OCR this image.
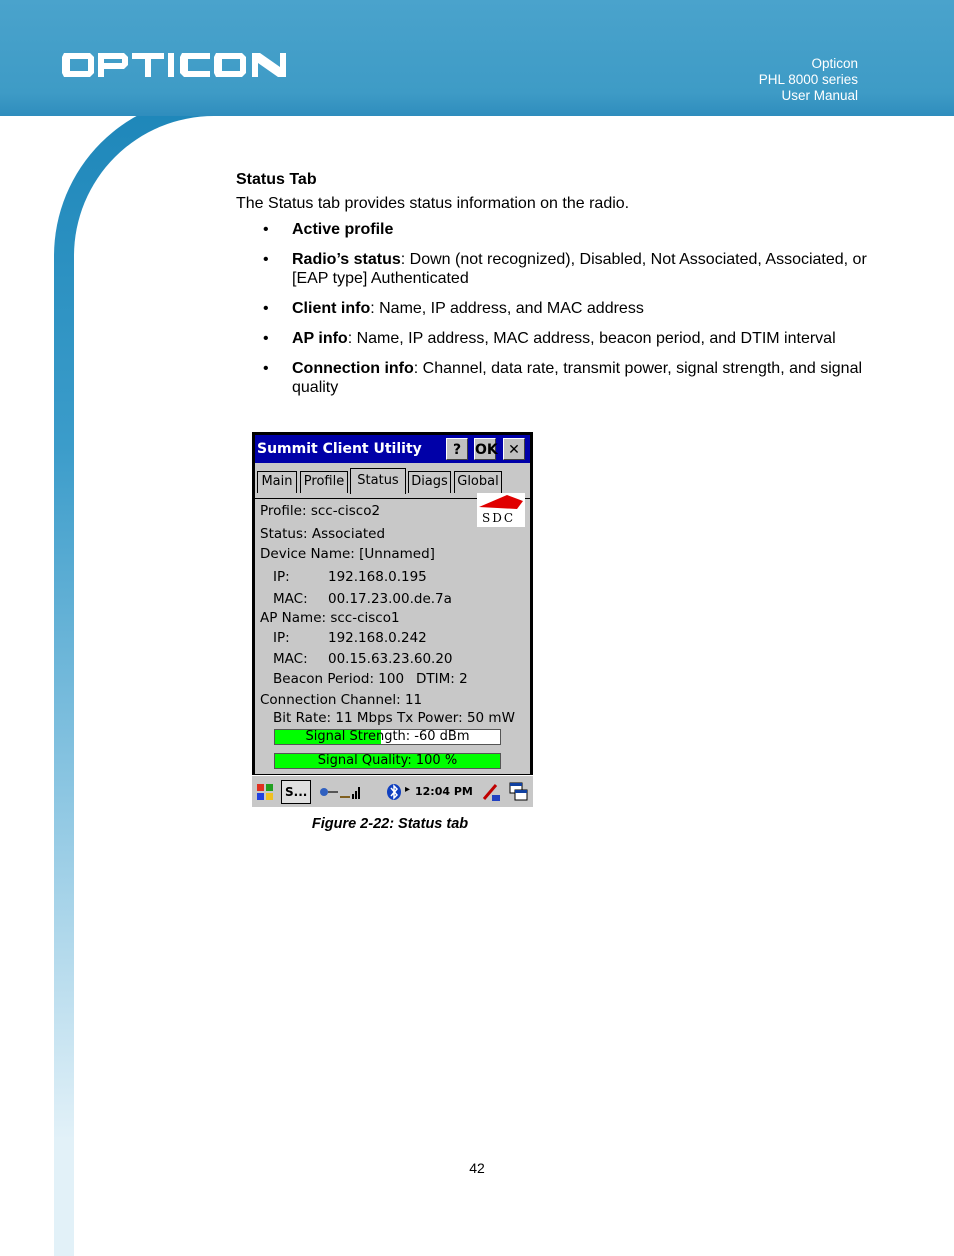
Opticon
PHL 8000 series
User Manual

Status Tab

The Status tab provides status information on the radio.

• Active profile
• Radio’s status: Down (not recognized), Disabled, Not Associated, Associated, or [EAP type] Authenticated
• Client info: Name, IP address, and MAC address
• AP info: Name, IP address, MAC address, beacon period, and DTIM interval
• Connection info: Channel, data rate, transmit power, signal strength, and signal quality
Summit Client Utility	? OK ✕
Main Profile	Status Diags Global
SDC
Profile: scc-cisco2
Status: Associated
Device Name: [Unnamed]
IP:	192.168.0.195
MAC: 00.17.23.00.de.7a
AP Name: scc-cisco1
IP:	192.168.0.242
MAC: 00.15.63.23.60.20
Beacon Period: 100 DTIM: 2
Connection Channel: 11
Bit Rate: 11 Mbps Tx Power: 50 mW
Signal Strength: -60 dBm
Signal Quality: 100 %
S...	▸ 12:04 PM
Figure 2-22: Status tab
42
